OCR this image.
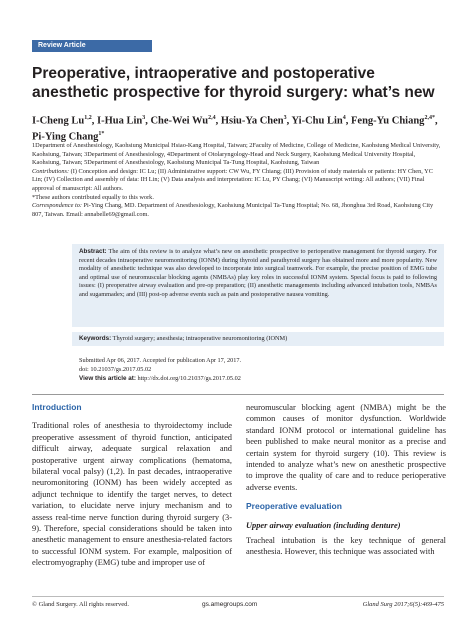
Review Article
Preoperative, intraoperative and postoperative anesthetic prospective for thyroid surgery: what’s new
I-Cheng Lu$^{1,2}$, I-Hua Lin$^3$, Che-Wei Wu$^{2,4}$, Hsiu-Ya Chen$^3$, Yi-Chu Lin$^4$, Feng-Yu Chiang$^{2,4*}$, Pi-Ying Chang$^{1*}$

1Department of Anesthesiology, Kaohsiung Municipal Hsiao-Kang Hospital, Taiwan; 2Faculty of Medicine, College of Medicine, Kaohsiung Medical University, Kaohsiung, Taiwan; 3Department of Anesthesiology, 4Department of Otolaryngology-Head and Neck Surgery, Kaohsiung Medical University Hospital, Kaohsiung, Taiwan; 5Department of Anesthesiology, Kaohsiung Municipal Ta-Tung Hospital, Kaohsiung, Taiwan

Contributions: (I) Conception and design: IC Lu; (II) Administrative support: CW Wu, FY Chiang; (III) Provision of study materials or patients: HY Chen, YC Lin; (IV) Collection and assembly of data: IH Lin; (V) Data analysis and interpretation: IC Lu, PY Chang; (VI) Manuscript writing: All authors; (VII) Final approval of manuscript: All authors.

*These authors contributed equally to this work.

Correspondence to: Pi-Ying Chang, MD. Department of Anesthesiology, Kaohsiung Municipal Ta-Tung Hospital; No. 68, Jhonghua 3rd Road, Kaohsiung City 807, Taiwan. Email: annabelle69@gmail.com.

Abstract: The aim of this review is to analyze what’s new on anesthetic prospective to perioperative management for thyroid surgery. For recent decades intraoperative neuromonitoring (IONM) during thyroid and parathyroid surgery has obtained more and more popularity. New modality of anesthetic technique was also developed to incorporate into surgical teamwork. For example, the precise position of EMG tube and optimal use of neuromuscular blocking agents (NMBAs) play key roles in successful IONM system. Special focus is paid to following issues: (I) preoperative airway evaluation and pre-op preparation; (II) anesthetic managements including advanced intubation tools, NMBAs and sugammadex; and (III) post-op adverse events such as pain and postoperative nausea vomiting.
Keywords: Thyroid surgery; anesthesia; intraoperative neuromonitoring (IONM)

Submitted Apr 06, 2017. Accepted for publication Apr 17, 2017.

doi: 10.21037/gs.2017.05.02

View this article at: http://dx.doi.org/10.21037/gs.2017.05.02

Introduction

Traditional roles of anesthesia to thyroidectomy include preoperative assessment of thyroid function, anticipated difficult airway, adequate surgical relaxation and postoperative urgent airway complications (hematoma, bilateral vocal palsy) (1,2). In past decades, intraoperative neuromonitoring (IONM) has been widely accepted as adjunct technique to identify the target nerves, to detect variation, to elucidate nerve injury mechanism and to assess real-time nerve function during thyroid surgery (3-9). Therefore, special considerations should be taken into anesthetic management to ensure anesthesia-related factors to successful IONM system. For example, malposition of electromyography (EMG) tube and improper use of

neuromuscular blocking agent (NMBA) might be the common causes of monitor dysfunction. Worldwide standard IONM protocol or international guideline has been published to make neural monitor as a precise and certain system for thyroid surgery (10). This review is intended to analyze what’s new on anesthetic prospective to improve the quality of care and to reduce perioperative adverse events.

Preoperative evaluation
Upper airway evaluation (including denture)

Tracheal intubation is the key technique of general anesthesia. However, this technique was associated with

© Gland Surgery. All rights reserved.	gs.amegroups.com	Gland Surg 2017;6(5):469-475
